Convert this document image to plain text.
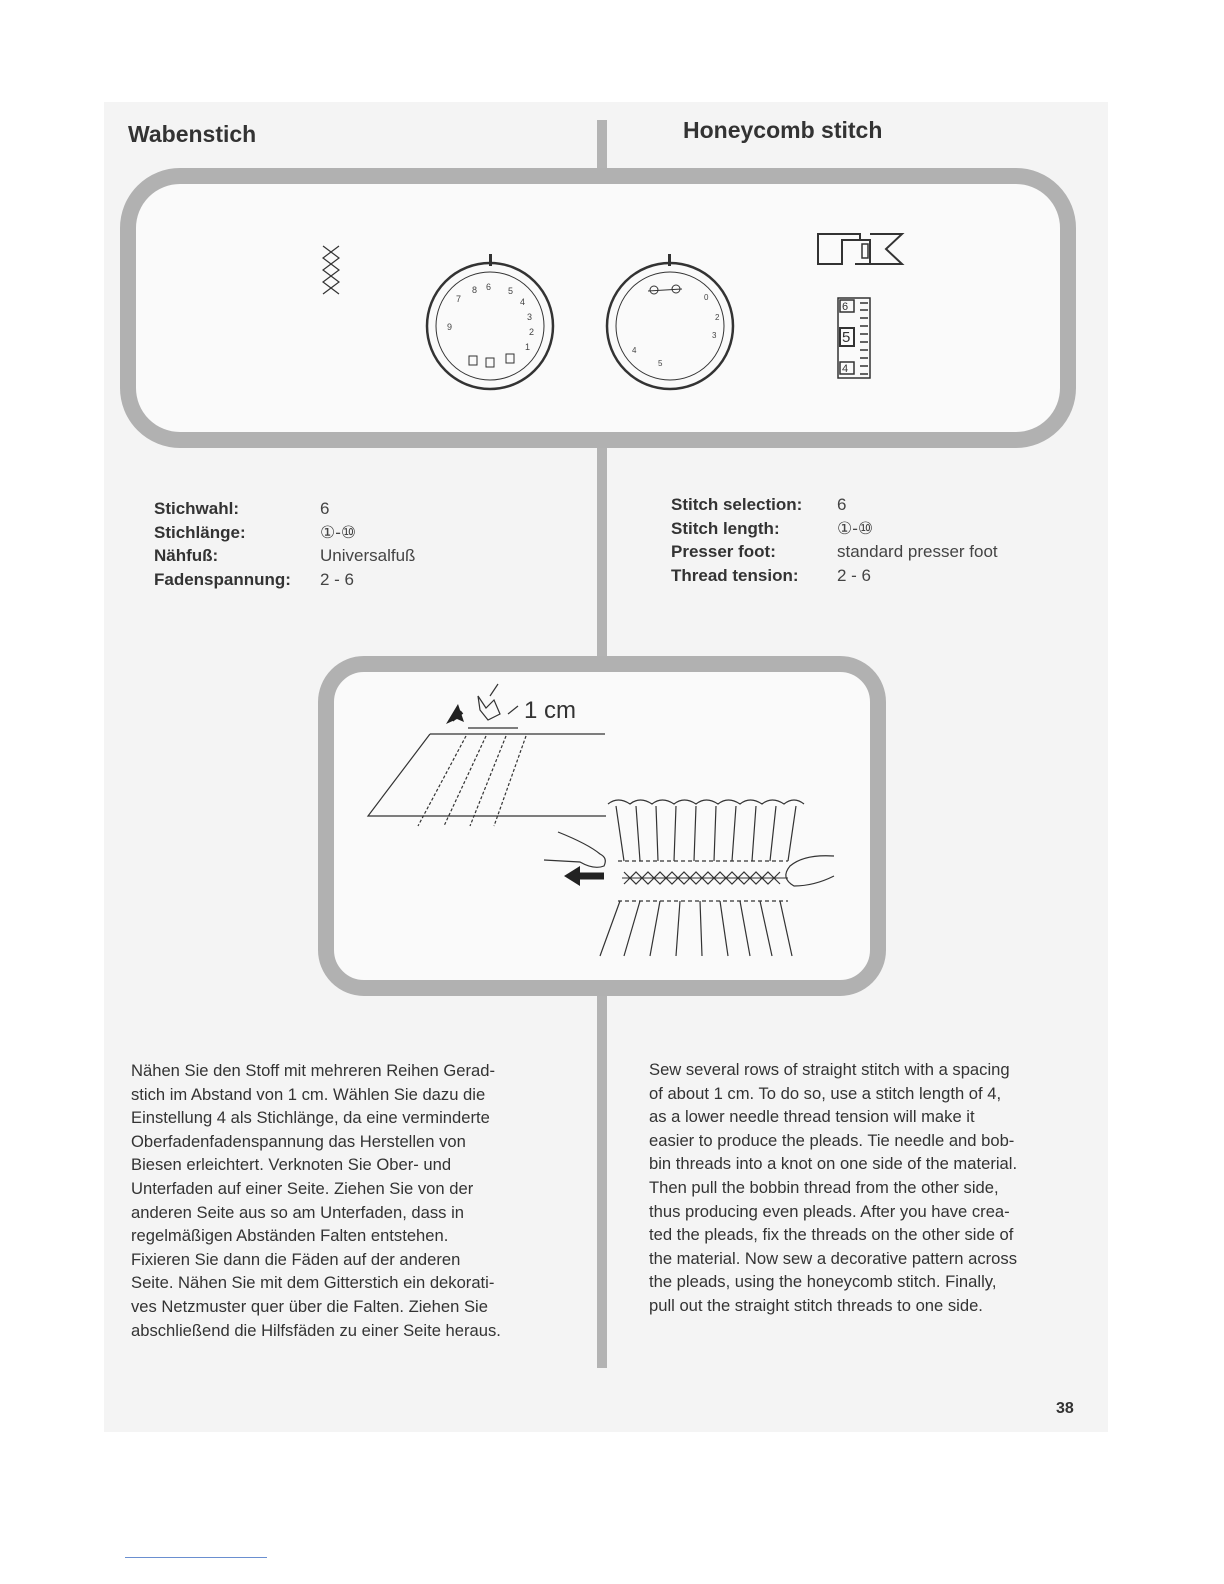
Wabenstich	Honeycomb stitch
8
7
6 5
4
3
2
1
9
0
2
3
4
5
6
5
4
Stichwahl:	6
Stichlänge:	①-⑩
Nähfuß:	Universalfuß
Fadenspannung:	2 - 6
Stitch selection:	6
Stitch length:	①-⑩
Presser foot:	standard presser foot
Thread tension:	2 - 6
1 cm
Nähen Sie den Stoff mit mehreren Reihen Gerad-
stich im Abstand von 1 cm. Wählen Sie dazu die
Einstellung 4 als Stichlänge, da eine verminderte
Oberfadenfadenspannung das Herstellen von
Biesen erleichtert. Verknoten Sie Ober- und
Unterfaden auf einer Seite. Ziehen Sie von der
anderen Seite aus so am Unterfaden, dass in
regelmäßigen Abständen Falten entstehen.
Fixieren Sie dann die Fäden auf der anderen
Seite. Nähen Sie mit dem Gitterstich ein dekorati-
ves Netzmuster quer über die Falten. Ziehen Sie
abschließend die Hilfsfäden zu einer Seite heraus.
Sew several rows of straight stitch with a spacing
of about 1 cm. To do so, use a stitch length of 4,
as a lower needle thread tension will make it
easier to produce the pleads. Tie needle and bob-
bin threads into a knot on one side of the material.
Then pull the bobbin thread from the other side,
thus producing even pleads. After you have crea-
ted the pleads, fix the threads on the other side of
the material. Now sew a decorative pattern across
the pleads, using the honeycomb stitch. Finally,
pull out the straight stitch threads to one side.
38
